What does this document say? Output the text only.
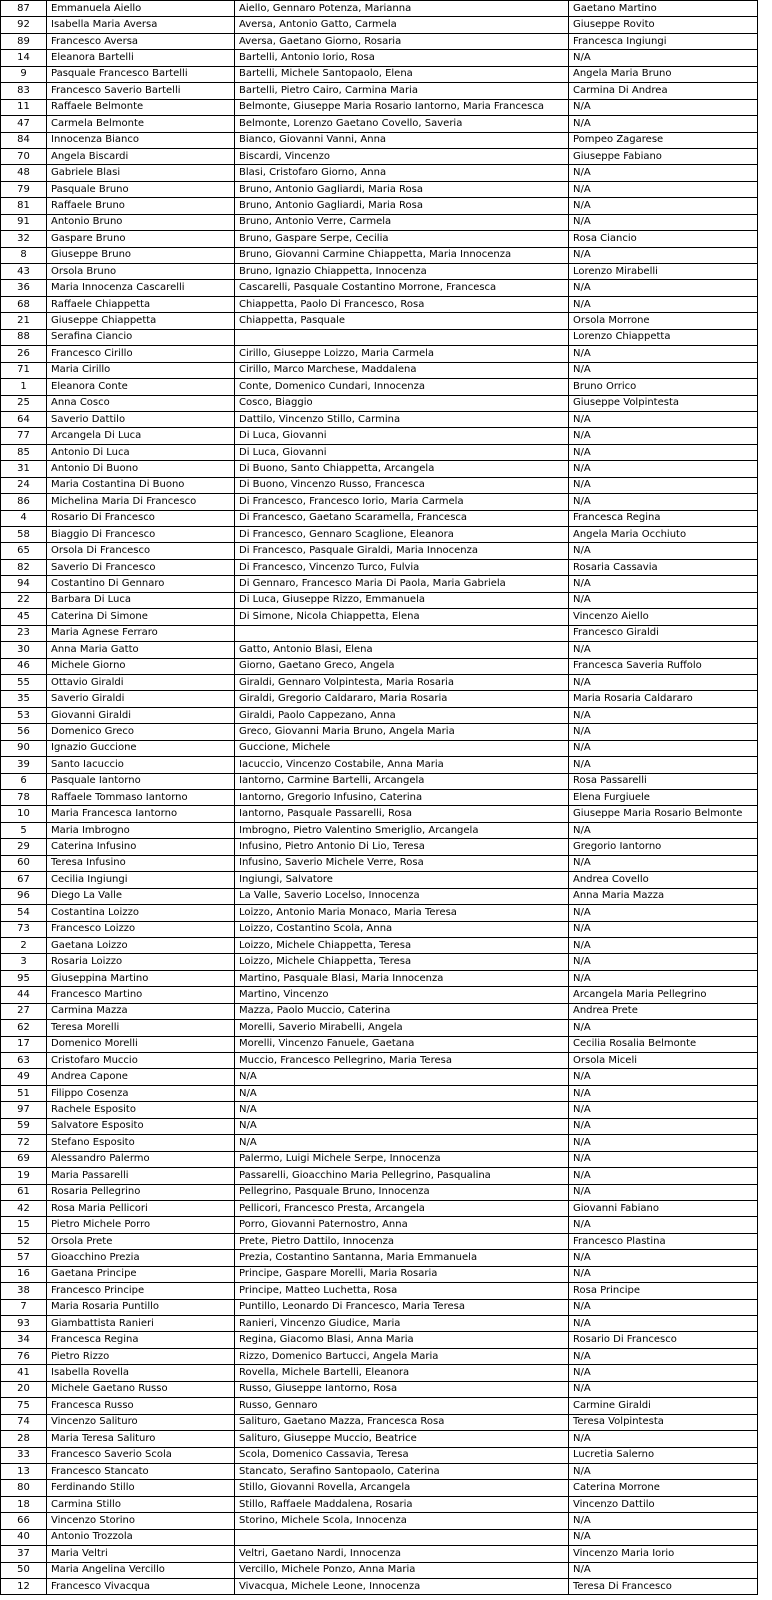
87	Emmanuela Aiello	Aiello, Gennaro Potenza, Marianna	Gaetano Martino
92	Isabella Maria Aversa	Aversa, Antonio Gatto, Carmela	Giuseppe Rovito
89	Francesco Aversa	Aversa, Gaetano Giorno, Rosaria	Francesca Ingiungi
14	Eleanora Bartelli	Bartelli, Antonio Iorio, Rosa	N/A
9	Pasquale Francesco Bartelli	Bartelli, Michele Santopaolo, Elena	Angela Maria Bruno
83	Francesco Saverio Bartelli	Bartelli, Pietro Cairo, Carmina Maria	Carmina Di Andrea
11	Raffaele Belmonte	Belmonte, Giuseppe Maria Rosario Iantorno, Maria Francesca	N/A
47	Carmela Belmonte	Belmonte, Lorenzo Gaetano Covello, Saveria	N/A
84	Innocenza Bianco	Bianco, Giovanni Vanni, Anna	Pompeo Zagarese
70	Angela Biscardi	Biscardi, Vincenzo	Giuseppe Fabiano
48	Gabriele Blasi	Blasi, Cristofaro Giorno, Anna	N/A
79	Pasquale Bruno	Bruno, Antonio Gagliardi, Maria Rosa	N/A
81	Raffaele Bruno	Bruno, Antonio Gagliardi, Maria Rosa	N/A
91	Antonio Bruno	Bruno, Antonio Verre, Carmela	N/A
32	Gaspare Bruno	Bruno, Gaspare Serpe, Cecilia	Rosa Ciancio
8	Giuseppe Bruno	Bruno, Giovanni Carmine Chiappetta, Maria Innocenza	N/A
43	Orsola Bruno	Bruno, Ignazio Chiappetta, Innocenza	Lorenzo Mirabelli
36	Maria Innocenza Cascarelli	Cascarelli, Pasquale Costantino Morrone, Francesca	N/A
68	Raffaele Chiappetta	Chiappetta, Paolo Di Francesco, Rosa	N/A
21	Giuseppe Chiappetta	Chiappetta, Pasquale	Orsola Morrone
88	Serafina Ciancio		Lorenzo Chiappetta
26	Francesco Cirillo	Cirillo, Giuseppe Loizzo, Maria Carmela	N/A
71	Maria Cirillo	Cirillo, Marco Marchese, Maddalena	N/A
1	Eleanora Conte	Conte, Domenico Cundari, Innocenza	Bruno Orrico
25	Anna Cosco	Cosco, Biaggio	Giuseppe Volpintesta
64	Saverio Dattilo	Dattilo, Vincenzo Stillo, Carmina	N/A
77	Arcangela Di Luca	Di Luca, Giovanni	N/A
85	Antonio Di Luca	Di Luca, Giovanni	N/A
31	Antonio Di Buono	Di Buono, Santo Chiappetta, Arcangela	N/A
24	Maria Costantina Di Buono	Di Buono, Vincenzo Russo, Francesca	N/A
86	Michelina Maria Di Francesco	Di Francesco, Francesco Iorio, Maria Carmela	N/A
4	Rosario Di Francesco	Di Francesco, Gaetano Scaramella, Francesca	Francesca Regina
58	Biaggio Di Francesco	Di Francesco, Gennaro Scaglione, Eleanora	Angela Maria Occhiuto
65	Orsola Di Francesco	Di Francesco, Pasquale Giraldi, Maria Innocenza	N/A
82	Saverio Di Francesco	Di Francesco, Vincenzo Turco, Fulvia	Rosaria Cassavia
94	Costantino Di Gennaro	Di Gennaro, Francesco Maria Di Paola, Maria Gabriela	N/A
22	Barbara Di Luca	Di Luca, Giuseppe Rizzo, Emmanuela	N/A
45	Caterina Di Simone	Di Simone, Nicola Chiappetta, Elena	Vincenzo Aiello
23	Maria Agnese Ferraro		Francesco Giraldi
30	Anna Maria Gatto	Gatto, Antonio Blasi, Elena	N/A
46	Michele Giorno	Giorno, Gaetano Greco, Angela	Francesca Saveria Ruffolo
55	Ottavio Giraldi	Giraldi, Gennaro Volpintesta, Maria Rosaria	N/A
35	Saverio Giraldi	Giraldi, Gregorio Caldararo, Maria Rosaria	Maria Rosaria Caldararo
53	Giovanni Giraldi	Giraldi, Paolo Cappezano, Anna	N/A
56	Domenico Greco	Greco, Giovanni Maria Bruno, Angela Maria	N/A
90	Ignazio Guccione	Guccione, Michele	N/A
39	Santo Iacuccio	Iacuccio, Vincenzo Costabile, Anna Maria	N/A
6	Pasquale Iantorno	Iantorno, Carmine Bartelli, Arcangela	Rosa Passarelli
78	Raffaele Tommaso Iantorno	Iantorno, Gregorio Infusino, Caterina	Elena Furgiuele
10	Maria Francesca Iantorno	Iantorno, Pasquale Passarelli, Rosa	Giuseppe Maria Rosario Belmonte
5	Maria Imbrogno	Imbrogno, Pietro Valentino Smeriglio, Arcangela	N/A
29	Caterina Infusino	Infusino, Pietro Antonio Di Lio, Teresa	Gregorio Iantorno
60	Teresa Infusino	Infusino, Saverio Michele Verre, Rosa	N/A
67	Cecilia Ingiungi	Ingiungi, Salvatore	Andrea Covello
96	Diego La Valle	La Valle, Saverio Locelso, Innocenza	Anna Maria Mazza
54	Costantina Loizzo	Loizzo, Antonio Maria Monaco, Maria Teresa	N/A
73	Francesco Loizzo	Loizzo, Costantino Scola, Anna	N/A
2	Gaetana Loizzo	Loizzo, Michele Chiappetta, Teresa	N/A
3	Rosaria Loizzo	Loizzo, Michele Chiappetta, Teresa	N/A
95	Giuseppina Martino	Martino, Pasquale Blasi, Maria Innocenza	N/A
44	Francesco Martino	Martino, Vincenzo	Arcangela Maria Pellegrino
27	Carmina Mazza	Mazza, Paolo Muccio, Caterina	Andrea Prete
62	Teresa Morelli	Morelli, Saverio Mirabelli, Angela	N/A
17	Domenico Morelli	Morelli, Vincenzo Fanuele, Gaetana	Cecilia Rosalia Belmonte
63	Cristofaro Muccio	Muccio, Francesco Pellegrino, Maria Teresa	Orsola Miceli
49	Andrea Capone	N/A	N/A
51	Filippo Cosenza	N/A	N/A
97	Rachele Esposito	N/A	N/A
59	Salvatore Esposito	N/A	N/A
72	Stefano Esposito	N/A	N/A
69	Alessandro Palermo	Palermo, Luigi Michele Serpe, Innocenza	N/A
19	Maria Passarelli	Passarelli, Gioacchino Maria Pellegrino, Pasqualina	N/A
61	Rosaria Pellegrino	Pellegrino, Pasquale Bruno, Innocenza	N/A
42	Rosa Maria Pellicori	Pellicori, Francesco Presta, Arcangela	Giovanni Fabiano
15	Pietro Michele Porro	Porro, Giovanni Paternostro, Anna	N/A
52	Orsola Prete	Prete, Pietro Dattilo, Innocenza	Francesco Plastina
57	Gioacchino Prezia	Prezia, Costantino Santanna, Maria Emmanuela	N/A
16	Gaetana Principe	Principe, Gaspare Morelli, Maria Rosaria	N/A
38	Francesco Principe	Principe, Matteo Luchetta, Rosa	Rosa Principe
7	Maria Rosaria Puntillo	Puntillo, Leonardo Di Francesco, Maria Teresa	N/A
93	Giambattista Ranieri	Ranieri, Vincenzo Giudice, Maria	N/A
34	Francesca Regina	Regina, Giacomo Blasi, Anna Maria	Rosario Di Francesco
76	Pietro Rizzo	Rizzo, Domenico Bartucci, Angela Maria	N/A
41	Isabella Rovella	Rovella, Michele Bartelli, Eleanora	N/A
20	Michele Gaetano Russo	Russo, Giuseppe Iantorno, Rosa	N/A
75	Francesca Russo	Russo, Gennaro	Carmine Giraldi
74	Vincenzo Salituro	Salituro, Gaetano Mazza, Francesca Rosa	Teresa Volpintesta
28	Maria Teresa Salituro	Salituro, Giuseppe Muccio, Beatrice	N/A
33	Francesco Saverio Scola	Scola, Domenico Cassavia, Teresa	Lucretia Salerno
13	Francesco Stancato	Stancato, Serafino Santopaolo, Caterina	N/A
80	Ferdinando Stillo	Stillo, Giovanni Rovella, Arcangela	Caterina Morrone
18	Carmina Stillo	Stillo, Raffaele Maddalena, Rosaria	Vincenzo Dattilo
66	Vincenzo Storino	Storino, Michele Scola, Innocenza	N/A
40	Antonio Trozzola		N/A
37	Maria Veltri	Veltri, Gaetano Nardi, Innocenza	Vincenzo Maria Iorio
50	Maria Angelina Vercillo	Vercillo, Michele Ponzo, Anna Maria	N/A
12	Francesco Vivacqua	Vivacqua, Michele Leone, Innocenza	Teresa Di Francesco
